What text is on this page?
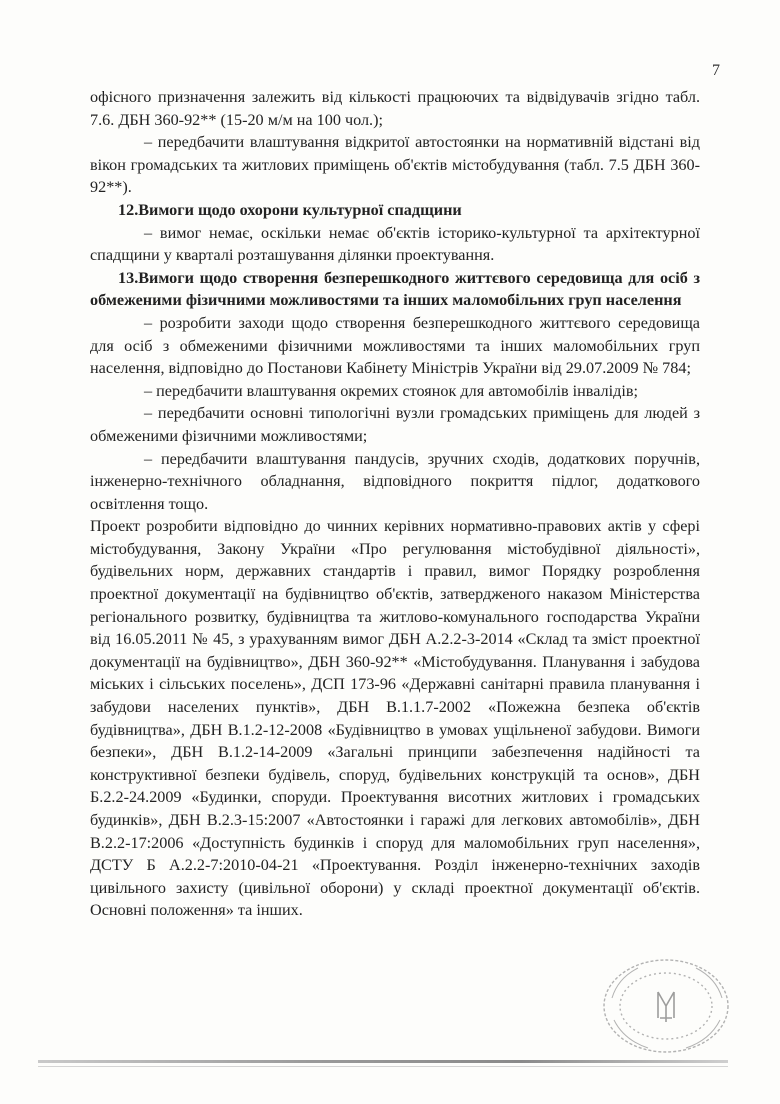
7

офісного призначення залежить від кількості працюючих та відвідувачів згідно табл. 7.6. ДБН 360-92** (15-20 м/м на 100 чол.);

– передбачити влаштування відкритої автостоянки на нормативній відстані від вікон громадських та житлових приміщень об'єктів містобудування (табл. 7.5 ДБН 360-92**).

12.Вимоги щодо охорони культурної спадщини

– вимог немає, оскільки немає об'єктів історико-культурної та архітектурної спадщини у кварталі розташування ділянки проектування.

13.Вимоги щодо створення безперешкодного життєвого середовища для осіб з обмеженими фізичними можливостями та інших маломобільних груп населення

– розробити заходи щодо створення безперешкодного життєвого середовища для осіб з обмеженими фізичними можливостями та інших маломобільних груп населення, відповідно до Постанови Кабінету Міністрів України від 29.07.2009 № 784;

– передбачити влаштування окремих стоянок для автомобілів інвалідів;

– передбачити основні типологічні вузли громадських приміщень для людей з обмеженими фізичними можливостями;

– передбачити влаштування пандусів, зручних сходів, додаткових поручнів, інженерно-технічного обладнання, відповідного покриття підлог, додаткового освітлення тощо.

Проект розробити відповідно до чинних керівних нормативно-правових актів у сфері містобудування, Закону України «Про регулювання містобудівної діяльності», будівельних норм, державних стандартів і правил, вимог Порядку розроблення проектної документації на будівництво об'єктів, затвердженого наказом Міністерства регіонального розвитку, будівництва та житлово-комунального господарства України від 16.05.2011 № 45, з урахуванням вимог ДБН А.2.2-3-2014 «Склад та зміст проектної документації на будівництво», ДБН 360-92** «Містобудування. Планування і забудова міських і сільських поселень», ДСП 173-96 «Державні санітарні правила планування і забудови населених пунктів», ДБН В.1.1.7-2002 «Пожежна безпека об'єктів будівництва», ДБН В.1.2-12-2008 «Будівництво в умовах ущільненої забудови. Вимоги безпеки», ДБН В.1.2-14-2009 «Загальні принципи забезпечення надійності та конструктивної безпеки будівель, споруд, будівельних конструкцій та основ», ДБН Б.2.2-24.2009 «Будинки, споруди. Проектування висотних житлових і громадських будинків», ДБН В.2.3-15:2007 «Автостоянки і гаражі для легкових автомобілів», ДБН В.2.2-17:2006 «Доступність будинків і споруд для маломобільних груп населення», ДСТУ Б А.2.2-7:2010-04-21 «Проектування. Розділ інженерно-технічних заходів цивільного захисту (цивільної оборони) у складі проектної документації об'єктів. Основні положення» та інших.
